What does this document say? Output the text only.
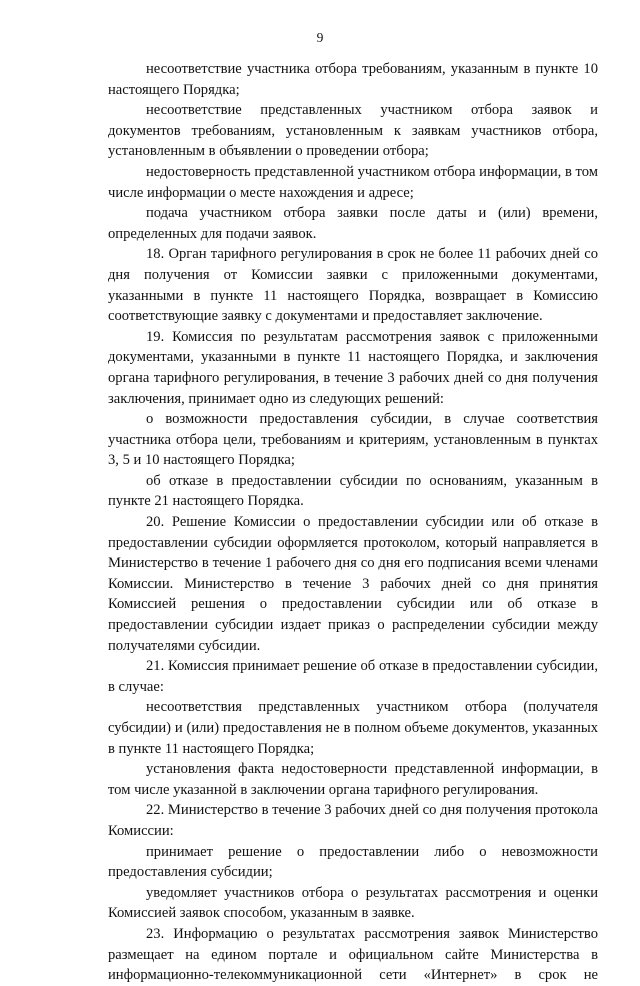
9

несоответствие участника отбора требованиям, указанным в пункте 10 настоящего Порядка;

несоответствие представленных участником отбора заявок и документов требованиям, установленным к заявкам участников отбора, установленным в объявлении о проведении отбора;

недостоверность представленной участником отбора информации, в том числе информации о месте нахождения и адресе;

подача участником отбора заявки после даты и (или) времени, определенных для подачи заявок.

18. Орган тарифного регулирования в срок не более 11 рабочих дней со дня получения от Комиссии заявки с приложенными документами, указанными в пункте 11 настоящего Порядка, возвращает в Комиссию соответствующие заявку с документами и предоставляет заключение.

19. Комиссия по результатам рассмотрения заявок с приложенными документами, указанными в пункте 11 настоящего Порядка, и заключения органа тарифного регулирования, в течение 3 рабочих дней со дня получения заключения, принимает одно из следующих решений:

о возможности предоставления субсидии, в случае соответствия участника отбора цели, требованиям и критериям, установленным в пунктах 3, 5 и 10 настоящего Порядка;

об отказе в предоставлении субсидии по основаниям, указанным в пункте 21 настоящего Порядка.

20. Решение Комиссии о предоставлении субсидии или об отказе в предоставлении субсидии оформляется протоколом, который направляется в Министерство в течение 1 рабочего дня со дня его подписания всеми членами Комиссии. Министерство в течение 3 рабочих дней со дня принятия Комиссией решения о предоставлении субсидии или об отказе в предоставлении субсидии издает приказ о распределении субсидии между получателями субсидии.

21. Комиссия принимает решение об отказе в предоставлении субсидии, в случае:

несоответствия представленных участником отбора (получателя субсидии) и (или) предоставления не в полном объеме документов, указанных в пункте 11 настоящего Порядка;

установления факта недостоверности представленной информации, в том числе указанной в заключении органа тарифного регулирования.

22. Министерство в течение 3 рабочих дней со дня получения протокола Комиссии:

принимает решение о предоставлении либо о невозможности предоставления субсидии;

уведомляет участников отбора о результатах рассмотрения и оценки Комиссией заявок способом, указанным в заявке.

23. Информацию о результатах рассмотрения заявок Министерство размещает на едином портале и официальном сайте Министерства в информационно-телекоммуникационной сети «Интернет» в срок не
